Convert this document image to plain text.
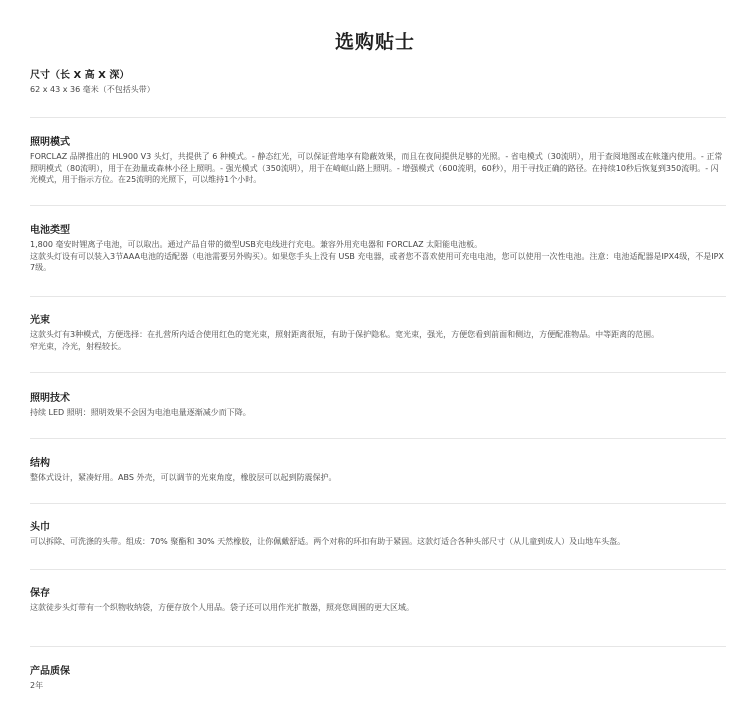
选购贴士
尺寸（长 X 高 X 深）
62 x 43 x 36 毫米（不包括头带）
照明模式
FORCLAZ 品牌推出的 HL900 V3 头灯，共提供了 6 种模式。- 静态红光，可以保证营地享有隐蔽效果，而且在夜间提供足够的光照。- 省电模式（30流明），用于查阅地图或在帐篷内使用。- 正常照明模式（80流明），用于在劲量或森林小径上照明。- 强光模式（350流明），用于在崎岖山路上照明。- 增强模式（600流明，60秒），用于寻找正确的路径。在持续10秒后恢复到350流明。- 闪光模式，用于指示方位。在25流明的光照下，可以维持1个小时。
电池类型
1,800 毫安时锂离子电池，可以取出。通过产品自带的微型USB充电线进行充电。兼容外用充电器和 FORCLAZ 太阳能电池板。
这款头灯设有可以装入3节AAA电池的适配器（电池需要另外购买）。如果您手头上没有 USB 充电器，或者您不喜欢使用可充电电池，您可以使用一次性电池。注意：电池适配器是IPX4级，不是IPX7级。
光束
这款头灯有3种模式，方便选择：在扎营所内适合使用红色的宽光束，照射距离很短，有助于保护隐私。宽光束，强光，方便您看到前面和侧边，方便配准物品。中等距离的范围。
窄光束，冷光，射程较长。
照明技术
持续 LED 照明：照明效果不会因为电池电量逐渐减少而下降。
结构
整体式设计，紧凑好用。ABS 外壳，可以调节的光束角度，橡胶层可以起到防震保护。
头巾
可以拆除、可洗涤的头带。组成：70% 聚酯和 30% 天然橡胶，让你佩戴舒适。两个对称的环扣有助于紧固。这款灯适合各种头部尺寸（从儿童到成人）及山地车头盔。
保存
这款徒步头灯带有一个织物收纳袋，方便存放个人用品。袋子还可以用作光扩散器，照亮您周围的更大区域。
产品质保
2年
